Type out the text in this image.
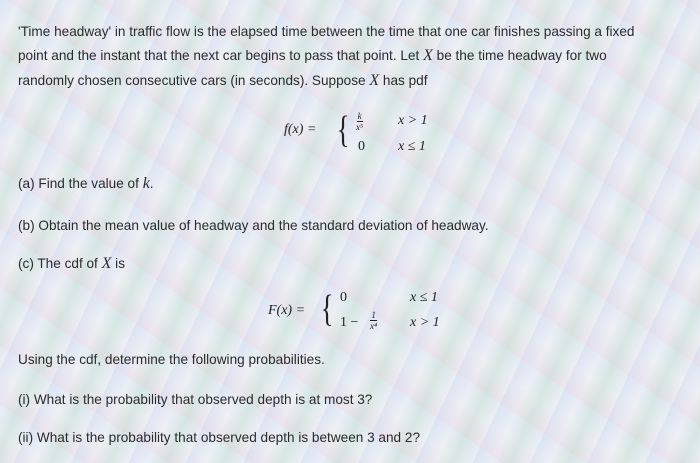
'Time headway' in traffic flow is the elapsed time between the time that one car finishes passing a fixed
point and the instant that the next car begins to pass that point. Let X be the time headway for two
randomly chosen consecutive cars (in seconds). Suppose X has pdf
f(x) = { $\frac{k}{\text{x⁵}}$ x > 1
0 x ≤ 1
(a) Find the value of k.
(b) Obtain the mean value of headway and the standard deviation of headway.
(c) The cdf of X is
F(x) = { 0	x ≤ 1
$1 - \frac{1}{\text{x⁴}}$ x > 1
Using the cdf, determine the following probabilities.
(i) What is the probability that observed depth is at most 3?
(ii) What is the probability that observed depth is between 3 and 2?
